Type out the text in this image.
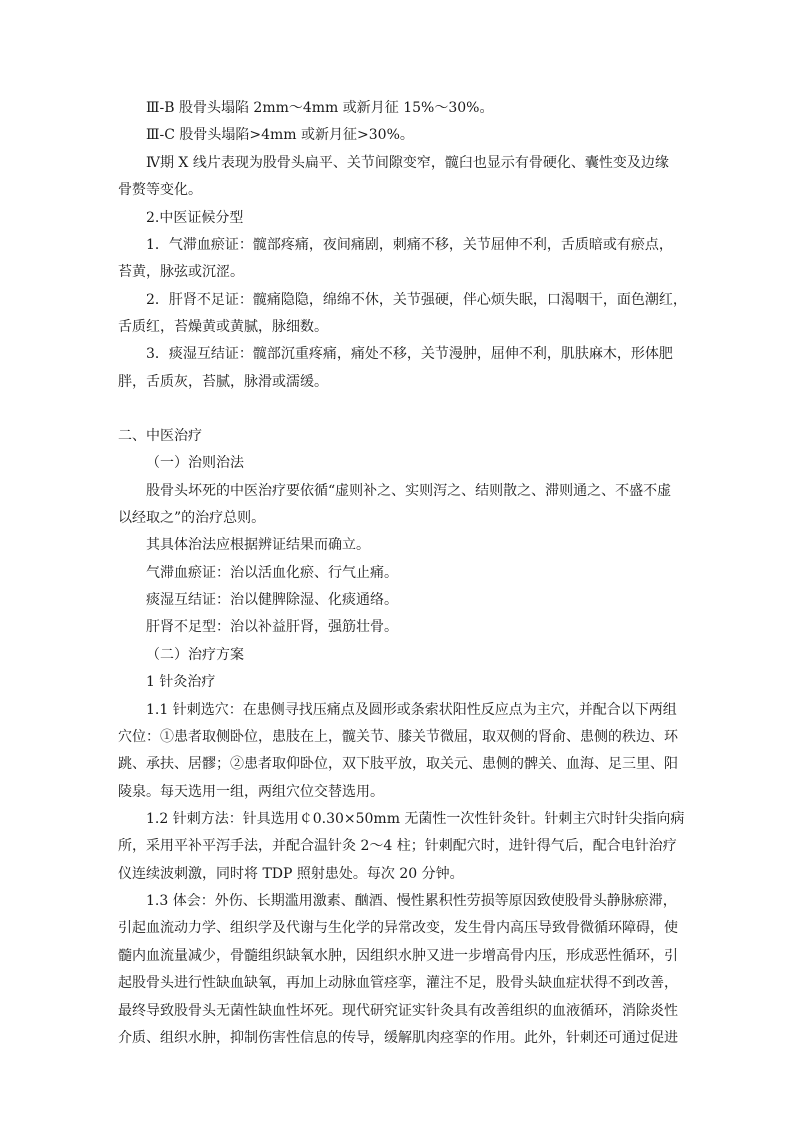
Ⅲ-B 股骨头塌陷 2mm～4mm 或新月征 15%～30%。
Ⅲ-C 股骨头塌陷>4mm 或新月征>30%。
Ⅳ期 X 线片表现为股骨头扁平、关节间隙变窄，髋臼也显示有骨硬化、囊性变及边缘
骨赘等变化。
2.中医证候分型
1．气滞血瘀证：髋部疼痛，夜间痛剧，刺痛不移，关节屈伸不利，舌质暗或有瘀点，
苔黄，脉弦或沉涩。
2．肝肾不足证：髋痛隐隐，绵绵不休，关节强硬，伴心烦失眠，口渴咽干，面色潮红，
舌质红，苔燥黄或黄腻，脉细数。
3．痰湿互结证：髋部沉重疼痛，痛处不移，关节漫肿，屈伸不利，肌肤麻木，形体肥
胖，舌质灰，苔腻，脉滑或濡缓。
二、中医治疗
（一）治则治法
股骨头坏死的中医治疗要依循“虚则补之、实则泻之、结则散之、滞则通之、不盛不虚
以经取之”的治疗总则。
其具体治法应根据辨证结果而确立。
气滞血瘀证：治以活血化瘀、行气止痛。
痰湿互结证：治以健脾除湿、化痰通络。
肝肾不足型：治以补益肝肾，强筋壮骨。
（二）治疗方案
1 针灸治疗
1.1 针刺选穴：在患侧寻找压痛点及圆形或条索状阳性反应点为主穴，并配合以下两组
穴位：①患者取侧卧位，患肢在上，髋关节、膝关节微屈，取双侧的肾俞、患侧的秩边、环
跳、承扶、居髎；②患者取仰卧位，双下肢平放，取关元、患侧的髀关、血海、足三里、阳
陵泉。每天选用一组，两组穴位交替选用。
1.2 针刺方法：针具选用￠0.30×50mm 无菌性一次性针灸针。针刺主穴时针尖指向病
所，采用平补平泻手法，并配合温针灸 2～4 柱；针刺配穴时，进针得气后，配合电针治疗
仪连续波刺激，同时将 TDP 照射患处。每次 20 分钟。
1.3 体会：外伤、长期滥用激素、酗酒、慢性累积性劳损等原因致使股骨头静脉瘀滞，
引起血流动力学、组织学及代谢与生化学的异常改变，发生骨内高压导致骨微循环障碍，使
髓内血流量减少，骨髓组织缺氧水肿，因组织水肿又进一步增高骨内压，形成恶性循环，引
起股骨头进行性缺血缺氧，再加上动脉血管痉挛，灌注不足，股骨头缺血症状得不到改善，
最终导致股骨头无菌性缺血性坏死。现代研究证实针灸具有改善组织的血液循环，消除炎性
介质、组织水肿，抑制伤害性信息的传导，缓解肌肉痉挛的作用。此外，针刺还可通过促进
